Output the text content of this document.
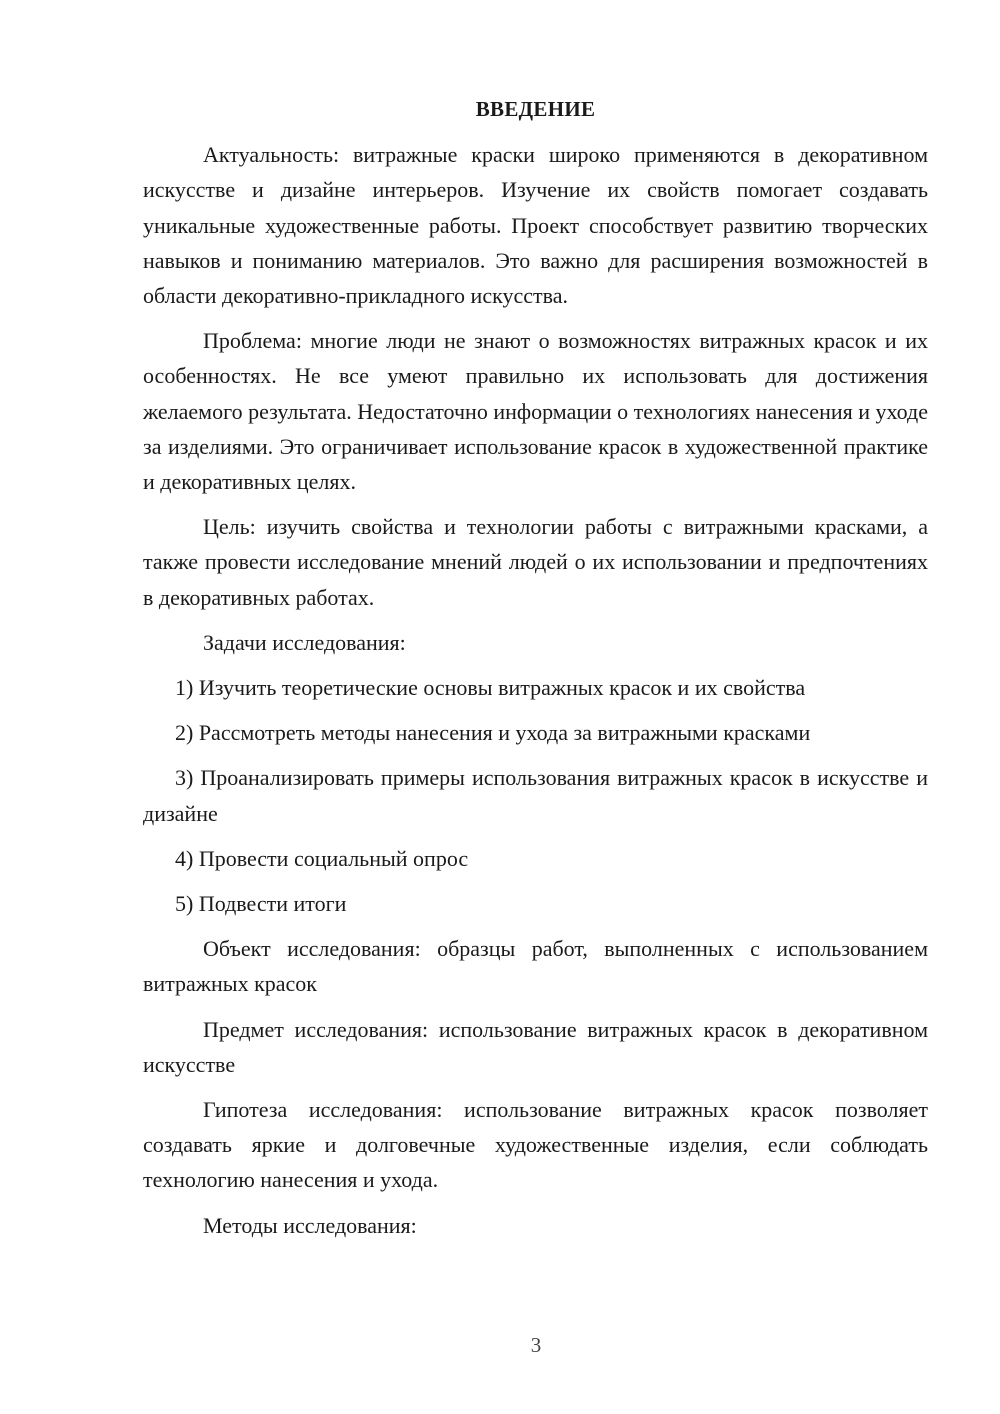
ВВЕДЕНИЕ

Актуальность: витражные краски широко применяются в декоративном искусстве и дизайне интерьеров. Изучение их свойств помогает создавать уникальные художественные работы. Проект способствует развитию творческих навыков и пониманию материалов. Это важно для расширения возможностей в области декоративно-прикладного искусства.

Проблема: многие люди не знают о возможностях витражных красок и их особенностях. Не все умеют правильно их использовать для достижения желаемого результата. Недостаточно информации о технологиях нанесения и уходе за изделиями. Это ограничивает использование красок в художественной практике и декоративных целях.

Цель: изучить свойства и технологии работы с витражными красками, а также провести исследование мнений людей о их использовании и предпочтениях в декоративных работах.

Задачи исследования:

1) Изучить теоретические основы витражных красок и их свойства

2) Рассмотреть методы нанесения и ухода за витражными красками

3) Проанализировать примеры использования витражных красок в искусстве и дизайне

4) Провести социальный опрос

5) Подвести итоги

Объект исследования: образцы работ, выполненных с использованием витражных красок

Предмет исследования: использование витражных красок в декоративном искусстве

Гипотеза исследования: использование витражных красок позволяет создавать яркие и долговечные художественные изделия, если соблюдать технологию нанесения и ухода.

Методы исследования:

3
